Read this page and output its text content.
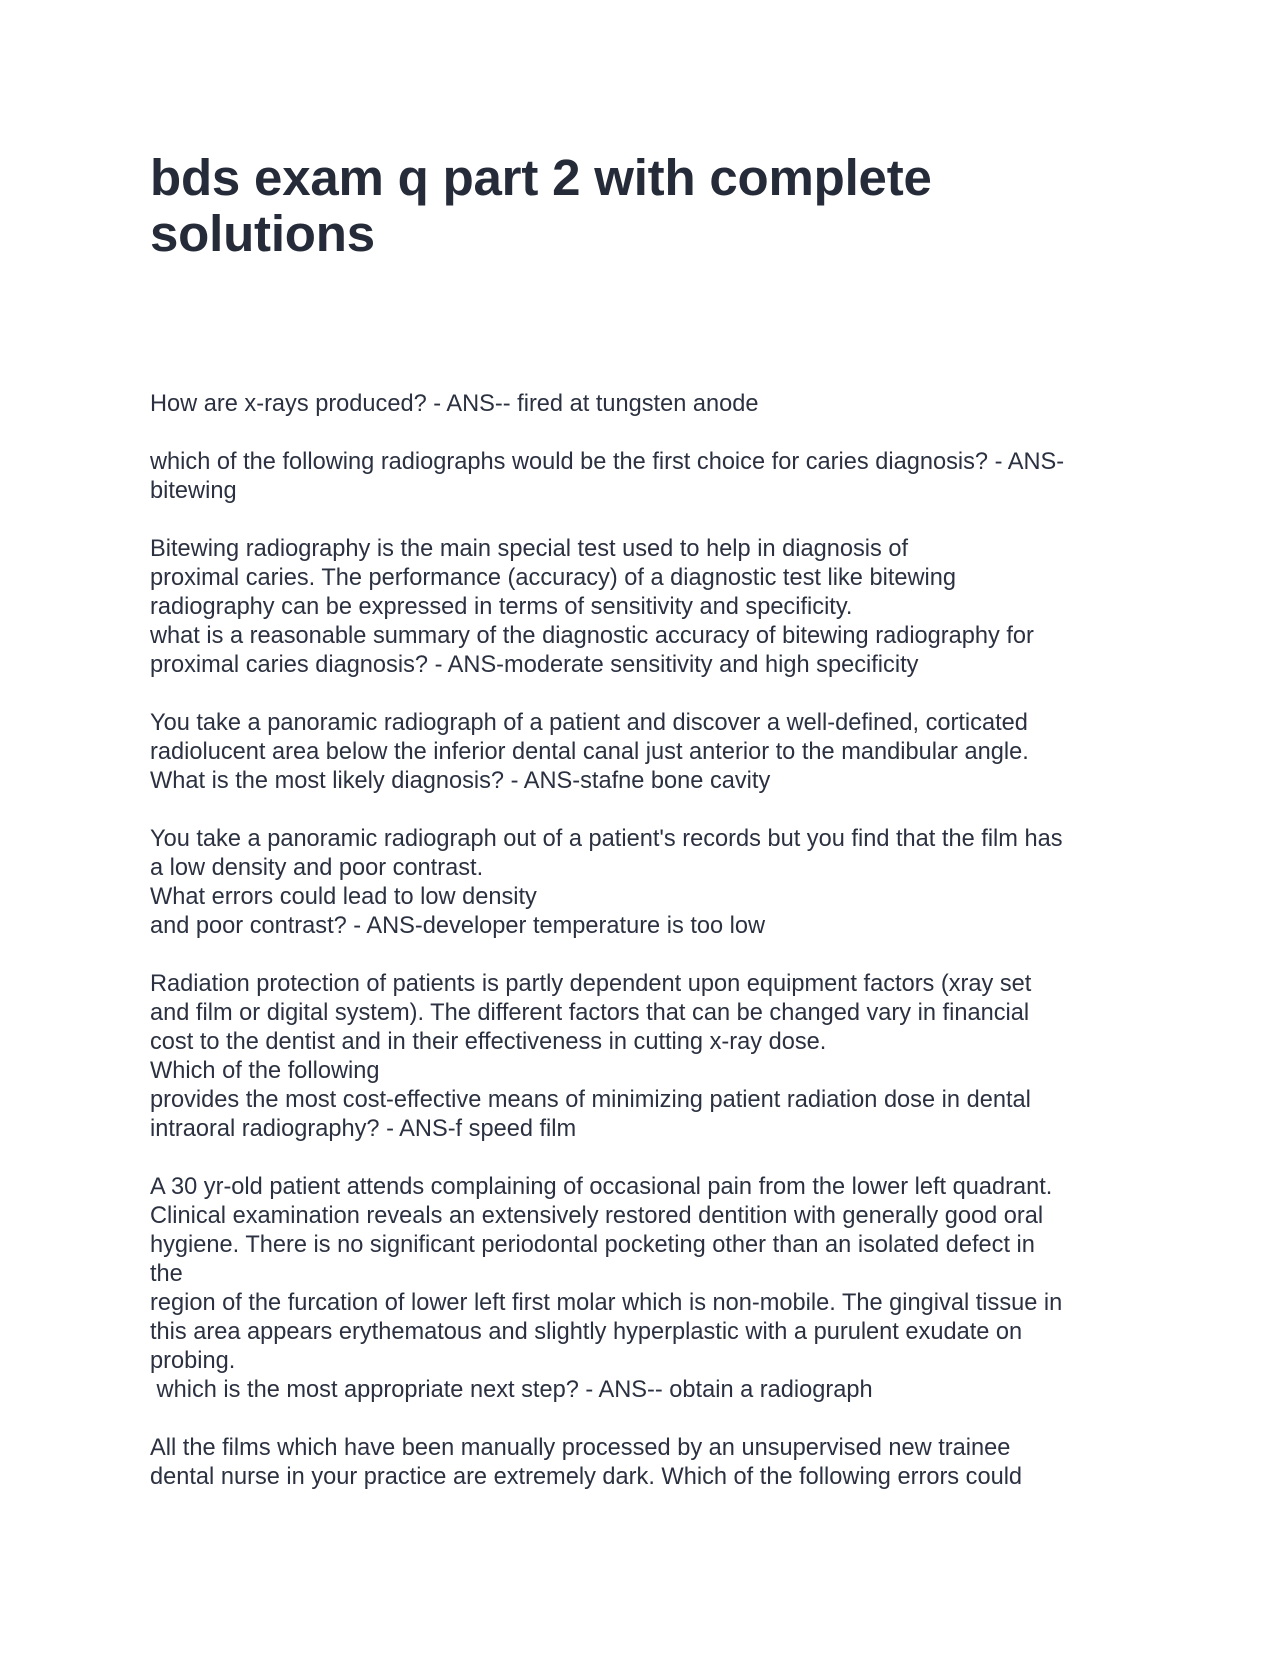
bds exam q part 2 with complete
solutions

How are x-rays produced? - ANS-- fired at tungsten anode

which of the following radiographs would be the first choice for caries diagnosis? - ANS-
bitewing

Bitewing radiography is the main special test used to help in diagnosis of
proximal caries. The performance (accuracy) of a diagnostic test like bitewing
radiography can be expressed in terms of sensitivity and specificity.
what is a reasonable summary of the diagnostic accuracy of bitewing radiography for
proximal caries diagnosis? - ANS-moderate sensitivity and high specificity

You take a panoramic radiograph of a patient and discover a well-defined, corticated
radiolucent area below the inferior dental canal just anterior to the mandibular angle.
What is the most likely diagnosis? - ANS-stafne bone cavity

You take a panoramic radiograph out of a patient's records but you find that the film has
a low density and poor contrast.
What errors could lead to low density
and poor contrast? - ANS-developer temperature is too low

Radiation protection of patients is partly dependent upon equipment factors (xray set
and film or digital system). The different factors that can be changed vary in financial
cost to the dentist and in their effectiveness in cutting x-ray dose.
Which of the following
provides the most cost-effective means of minimizing patient radiation dose in dental
intraoral radiography? - ANS-f speed film

A 30 yr-old patient attends complaining of occasional pain from the lower left quadrant.
Clinical examination reveals an extensively restored dentition with generally good oral
hygiene. There is no significant periodontal pocketing other than an isolated defect in
the
region of the furcation of lower left first molar which is non-mobile. The gingival tissue in
this area appears erythematous and slightly hyperplastic with a purulent exudate on
probing.
which is the most appropriate next step? - ANS-- obtain a radiograph

All the films which have been manually processed by an unsupervised new trainee
dental nurse in your practice are extremely dark. Which of the following errors could
